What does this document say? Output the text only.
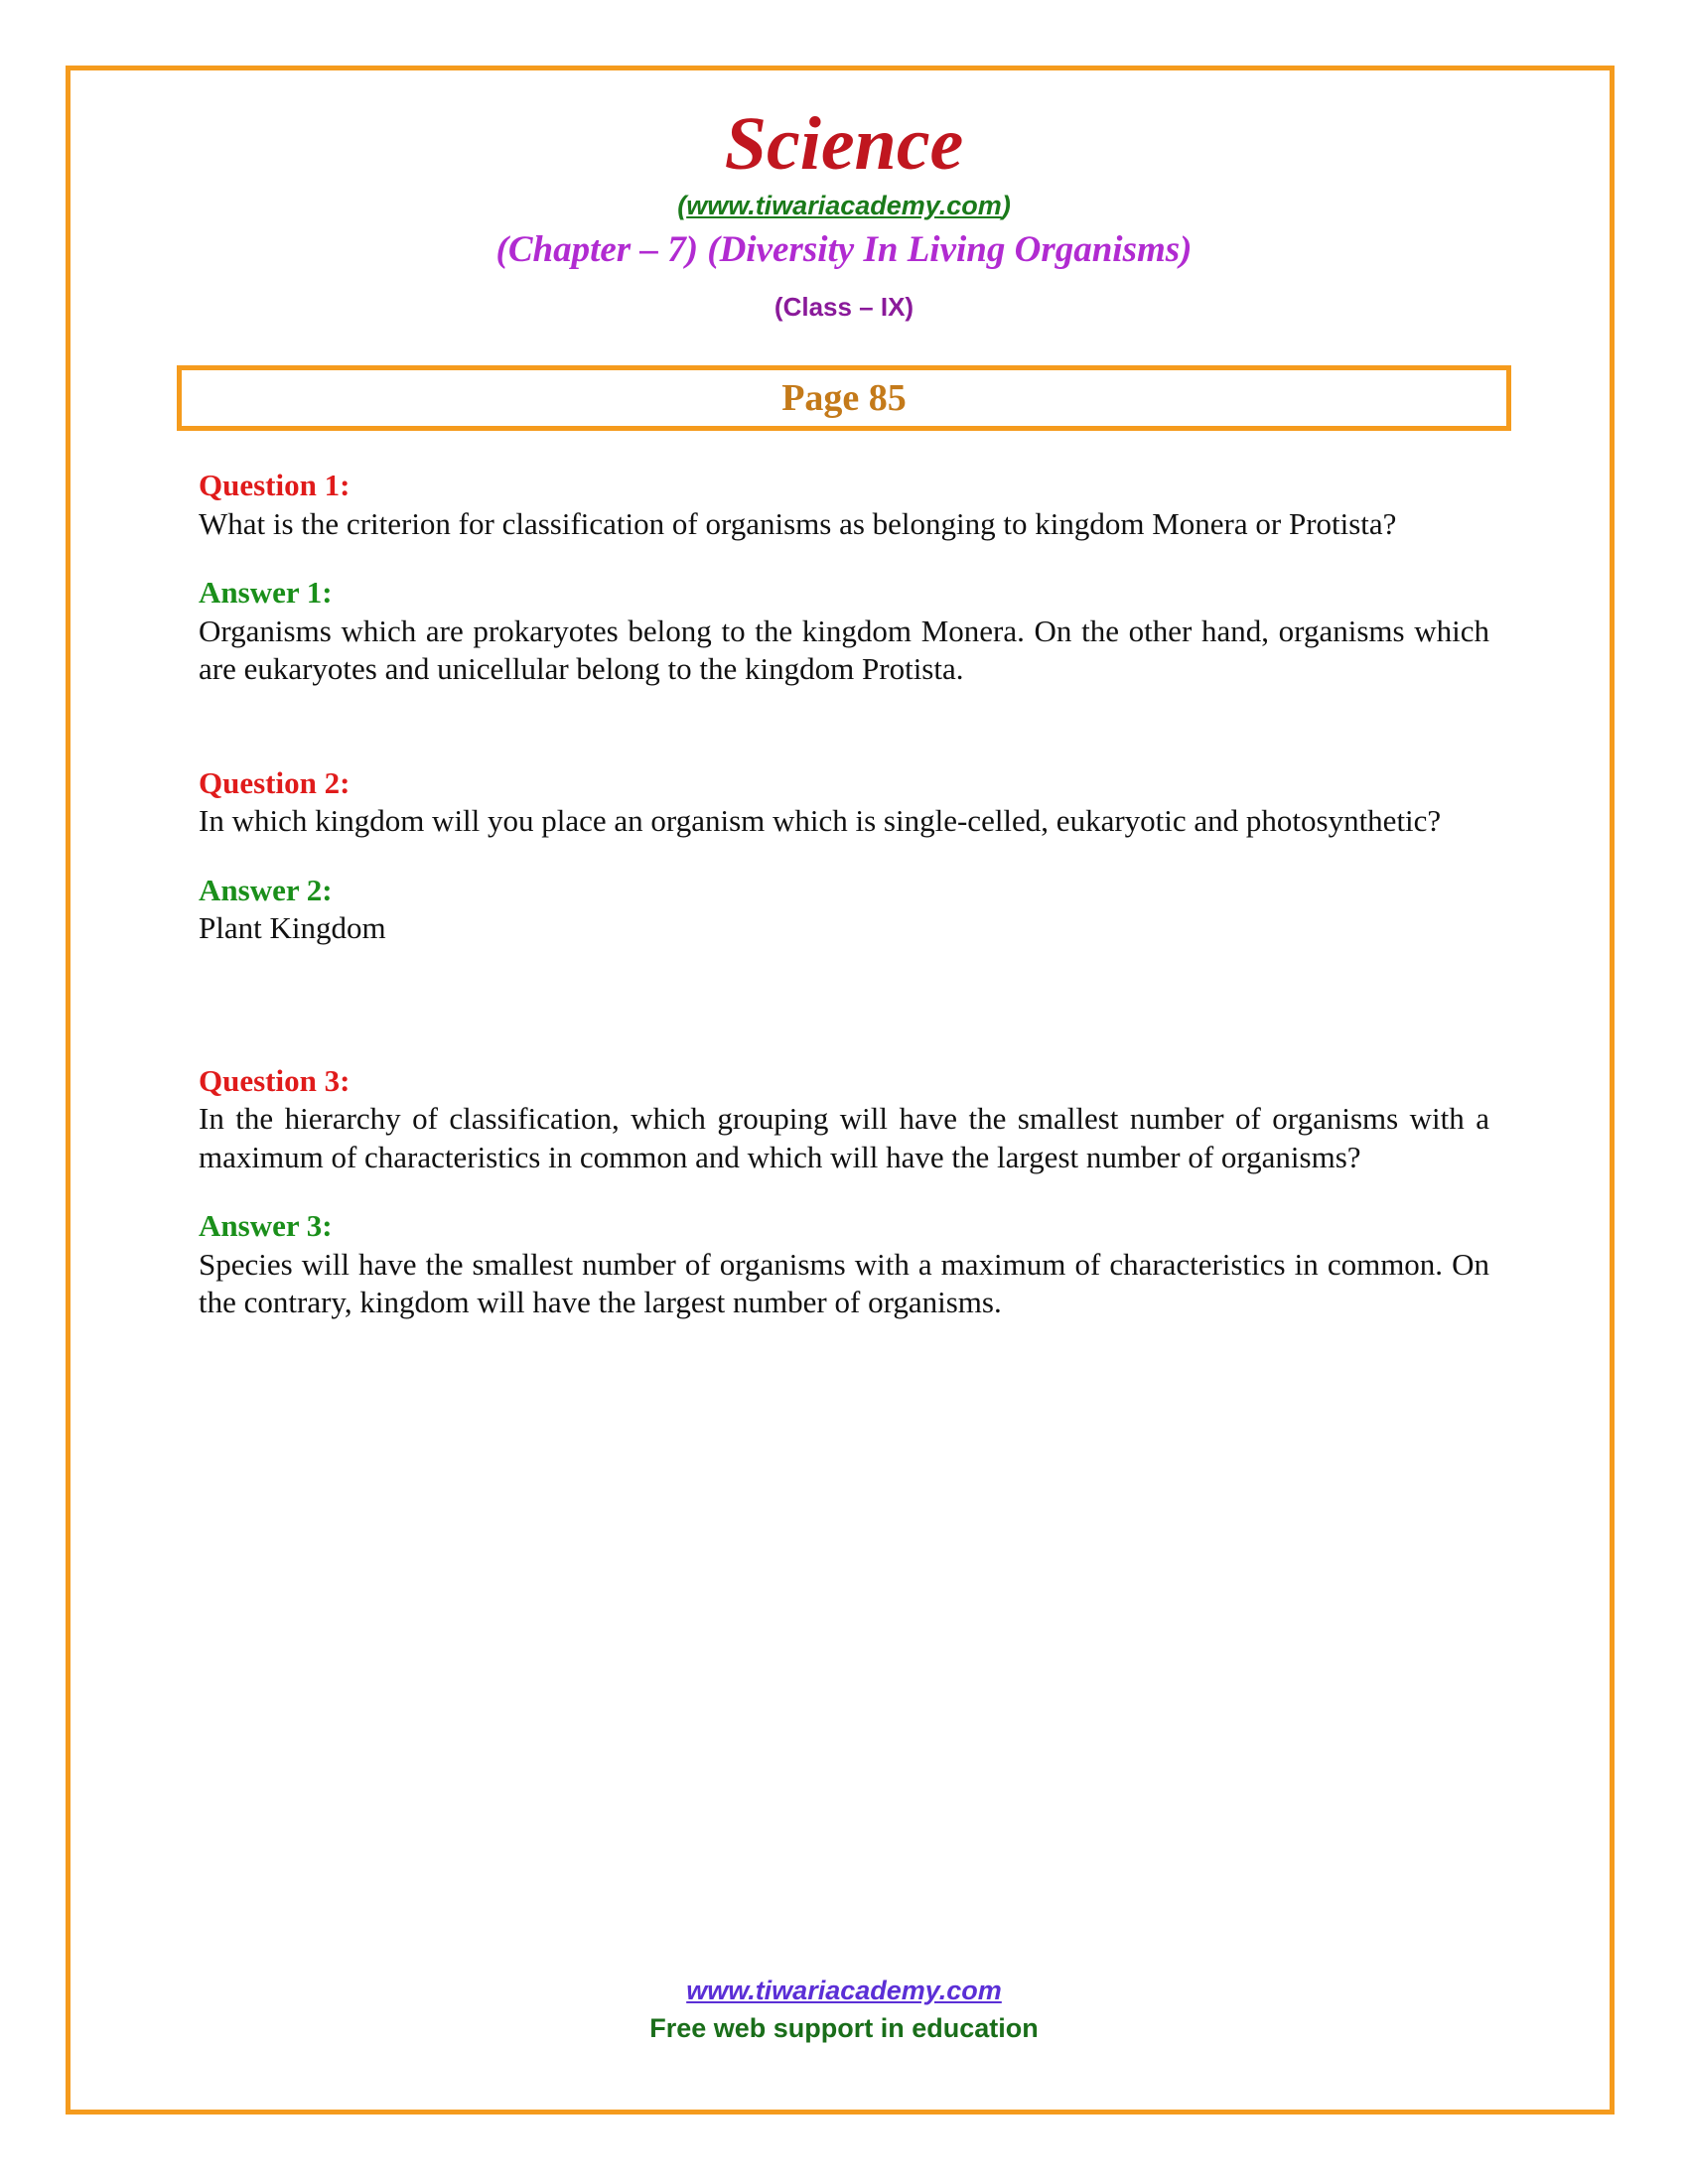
Science
(www.tiwariacademy.com)
(Chapter – 7) (Diversity In Living Organisms)
(Class – IX)
Page 85
Question 1:
What is the criterion for classification of organisms as belonging to kingdom Monera or Protista?
Answer 1:
Organisms which are prokaryotes belong to the kingdom Monera. On the other hand, organisms which are eukaryotes and unicellular belong to the kingdom Protista.
Question 2:
In which kingdom will you place an organism which is single-celled, eukaryotic and photosynthetic?
Answer 2:
Plant Kingdom
Question 3:
In the hierarchy of classification, which grouping will have the smallest number of organisms with a maximum of characteristics in common and which will have the largest number of organisms?
Answer 3:
Species will have the smallest number of organisms with a maximum of characteristics in common. On the contrary, kingdom will have the largest number of organisms.
www.tiwariacademy.com
Free web support in education
